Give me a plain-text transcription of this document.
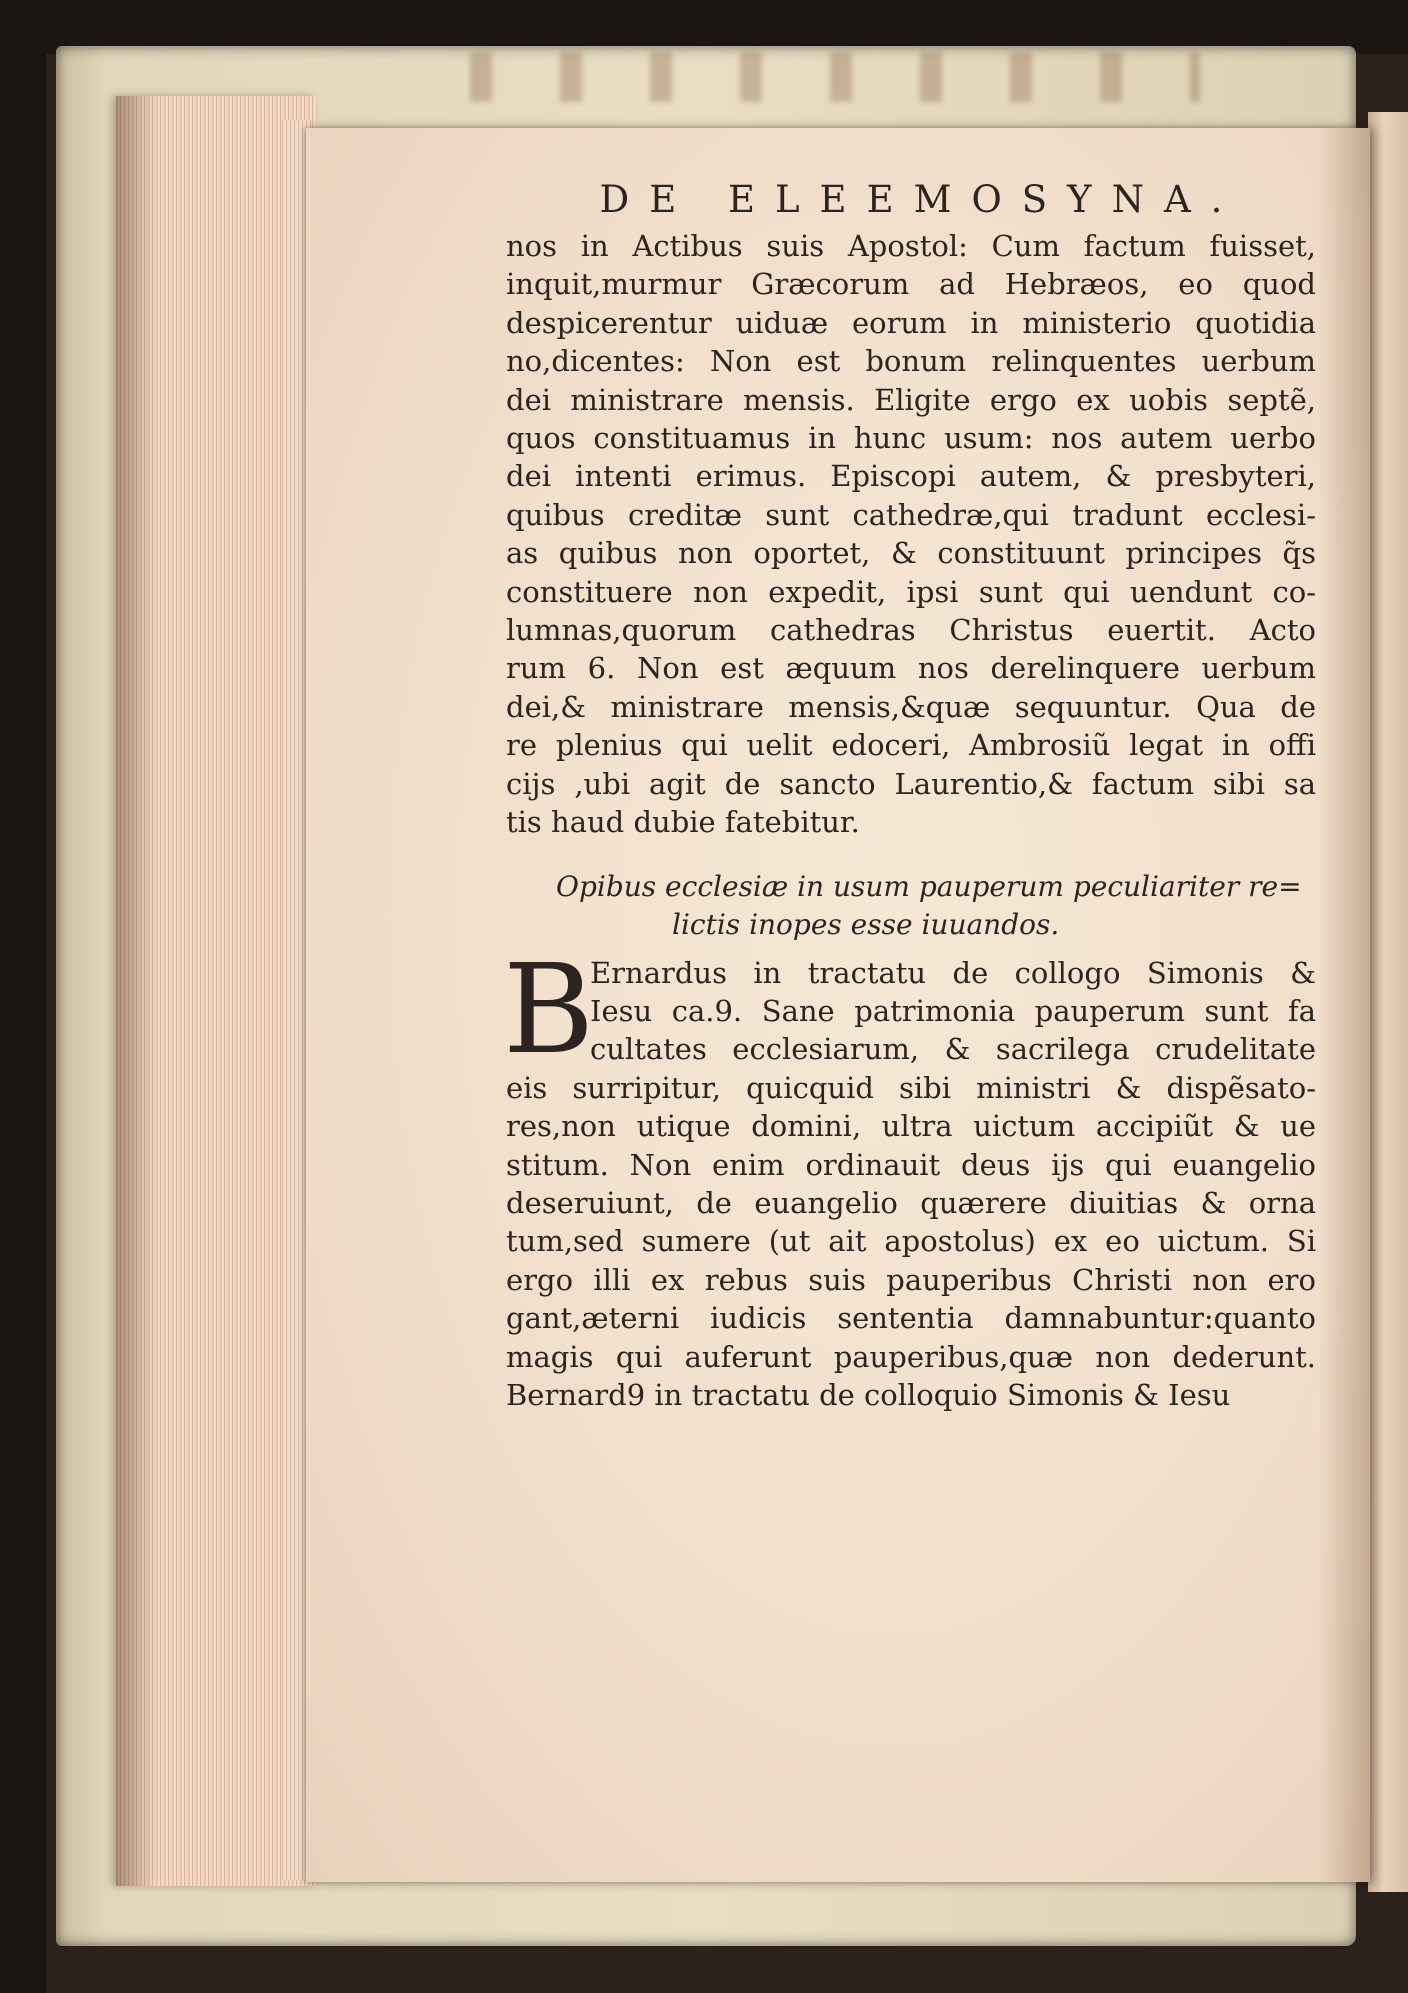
DE ELEEMOSYNA.

nos in Actibus suis Apostol: Cum factum fuisset,

inquit,murmur Græcorum ad Hebræos, eo quod

despicerentur uiduæ eorum in ministerio quotidia

no,dicentes: Non est bonum relinquentes uerbum

dei ministrare mensis. Eligite ergo ex uobis septẽ,

quos constituamus in hunc usum: nos autem uerbo

dei intenti erimus. Episcopi autem, & presbyteri,

quibus creditæ sunt cathedræ,qui tradunt ecclesi-

as quibus non oportet, & constituunt principes q̃s

constituere non expedit, ipsi sunt qui uendunt co-

lumnas,quorum cathedras Christus euertit. Acto

rum 6. Non est æquum nos derelinquere uerbum

dei,& ministrare mensis,&quæ sequuntur. Qua de

re plenius qui uelit edoceri, Ambrosiũ legat in offi

cijs ,ubi agit de sancto Laurentio,& factum sibi sa

tis haud dubie fatebitur.

Opibus ecclesiæ in usum pauperum peculiariter re=

lictis inopes esse iuuandos.

B

Ernardus in tractatu de collogo Simonis &

Iesu ca.9. Sane patrimonia pauperum sunt fa

cultates ecclesiarum, & sacrilega crudelitate

eis surripitur, quicquid sibi ministri & dispẽsato-

res,non utique domini, ultra uictum accipiũt & ue

stitum. Non enim ordinauit deus ijs qui euangelio

deseruiunt, de euangelio quærere diuitias & orna

tum,sed sumere (ut ait apostolus) ex eo uictum. Si

ergo illi ex rebus suis pauperibus Christi non ero

gant,æterni iudicis sententia damnabuntur:quanto

magis qui auferunt pauperibus,quæ non dederunt.

Bernard9 in tractatu de colloquio Simonis & Iesu
